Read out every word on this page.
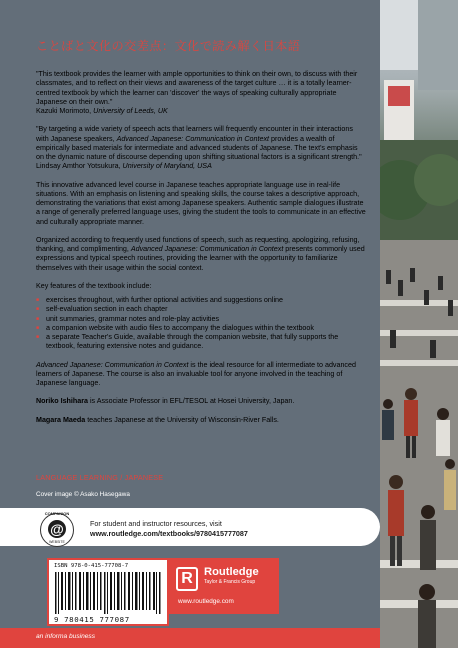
ことばと文化の交差点：文化で読み解く日本語

"This textbook provides the learner with ample opportunities to think on their own, to discuss with their classmates, and to reflect on their views and awareness of the target culture … it is a totally learner-centred textbook by which the learner can 'discover' the ways of speaking culturally appropriate Japanese on their own."
Kazuki Morimoto, University of Leeds, UK

"By targeting a wide variety of speech acts that learners will frequently encounter in their interactions with Japanese speakers, Advanced Japanese: Communication in Context provides a wealth of empirically based materials for intermediate and advanced students of Japanese. The text's emphasis on the dynamic nature of discourse depending upon shifting situational factors is a significant strength." Lindsay Amthor Yotsukura, University of Maryland, USA

This innovative advanced level course in Japanese teaches appropriate language use in real-life situations. With an emphasis on listening and speaking skills, the course takes a descriptive approach, demonstrating the variations that exist among Japanese speakers. Authentic sample dialogues illustrate a range of generally preferred language uses, giving the student the tools to communicate in an effective and culturally appropriate manner.

Organized according to frequently used functions of speech, such as requesting, apologizing, refusing, thanking, and complimenting, Advanced Japanese: Communication in Context presents commonly used expressions and typical speech routines, providing the learner with the opportunity to familiarize themselves with their usage within the social context.

Key features of the textbook include:

■ exercises throughout, with further optional activities and suggestions online
■ self-evaluation section in each chapter
■ unit summaries, grammar notes and role-play activities
■ a companion website with audio files to accompany the dialogues within the textbook
■ a separate Teacher's Guide, available through the companion website, that fully supports the textbook, featuring extensive notes and guidance.

Advanced Japanese: Communication in Context is the ideal resource for all intermediate to advanced learners of Japanese. The course is also an invaluable tool for anyone involved in the teaching of Japanese language.

Noriko Ishihara is Associate Professor in EFL/TESOL at Hosei University, Japan.

Magara Maeda teaches Japanese at the University of Wisconsin-River Falls.

LANGUAGE LEARNING / JAPANESE
Cover image © Asako Hasegawa
COMPANION
@
WEBSITE
For student and instructor resources, visit
www.routledge.com/textbooks/9780415777087
ISBN 978-0-415-77708-7
9 780415 777087
R	Routledge
Taylor & Francis Group
www.routledge.com
an informa business
